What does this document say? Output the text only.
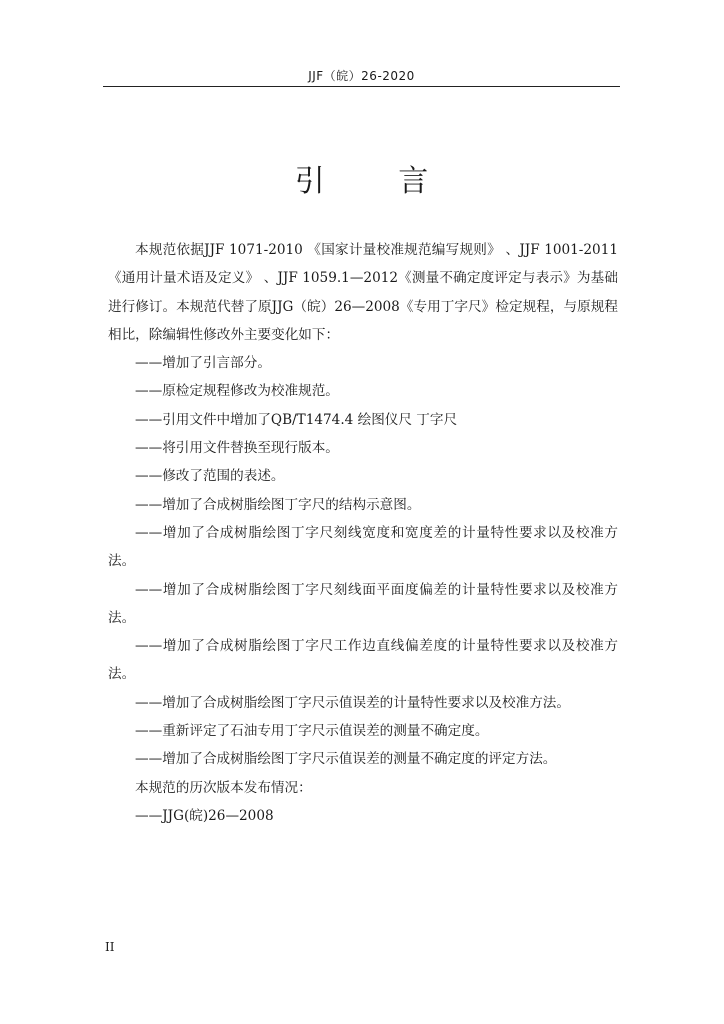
JJF（皖）26-2020
引 言

本规范依据JJF 1071-2010 《国家计量校准规范编写规则》 、JJF 1001-2011《通用计量术语及定义》 、JJF 1059.1—2012《测量不确定度评定与表示》为基础进行修订。本规范代替了原JJG（皖）26—2008《专用丁字尺》检定规程，与原规程相比，除编辑性修改外主要变化如下：

——增加了引言部分。

——原检定规程修改为校准规范。

——引用文件中增加了QB/T1474.4 绘图仪尺 丁字尺

——将引用文件替换至现行版本。

——修改了范围的表述。

——增加了合成树脂绘图丁字尺的结构示意图。

——增加了合成树脂绘图丁字尺刻线宽度和宽度差的计量特性要求以及校准方法。

——增加了合成树脂绘图丁字尺刻线面平面度偏差的计量特性要求以及校准方法。

——增加了合成树脂绘图丁字尺工作边直线偏差度的计量特性要求以及校准方法。

——增加了合成树脂绘图丁字尺示值误差的计量特性要求以及校准方法。

——重新评定了石油专用丁字尺示值误差的测量不确定度。

——增加了合成树脂绘图丁字尺示值误差的测量不确定度的评定方法。

本规范的历次版本发布情况：

——JJG(皖)26—2008

II
